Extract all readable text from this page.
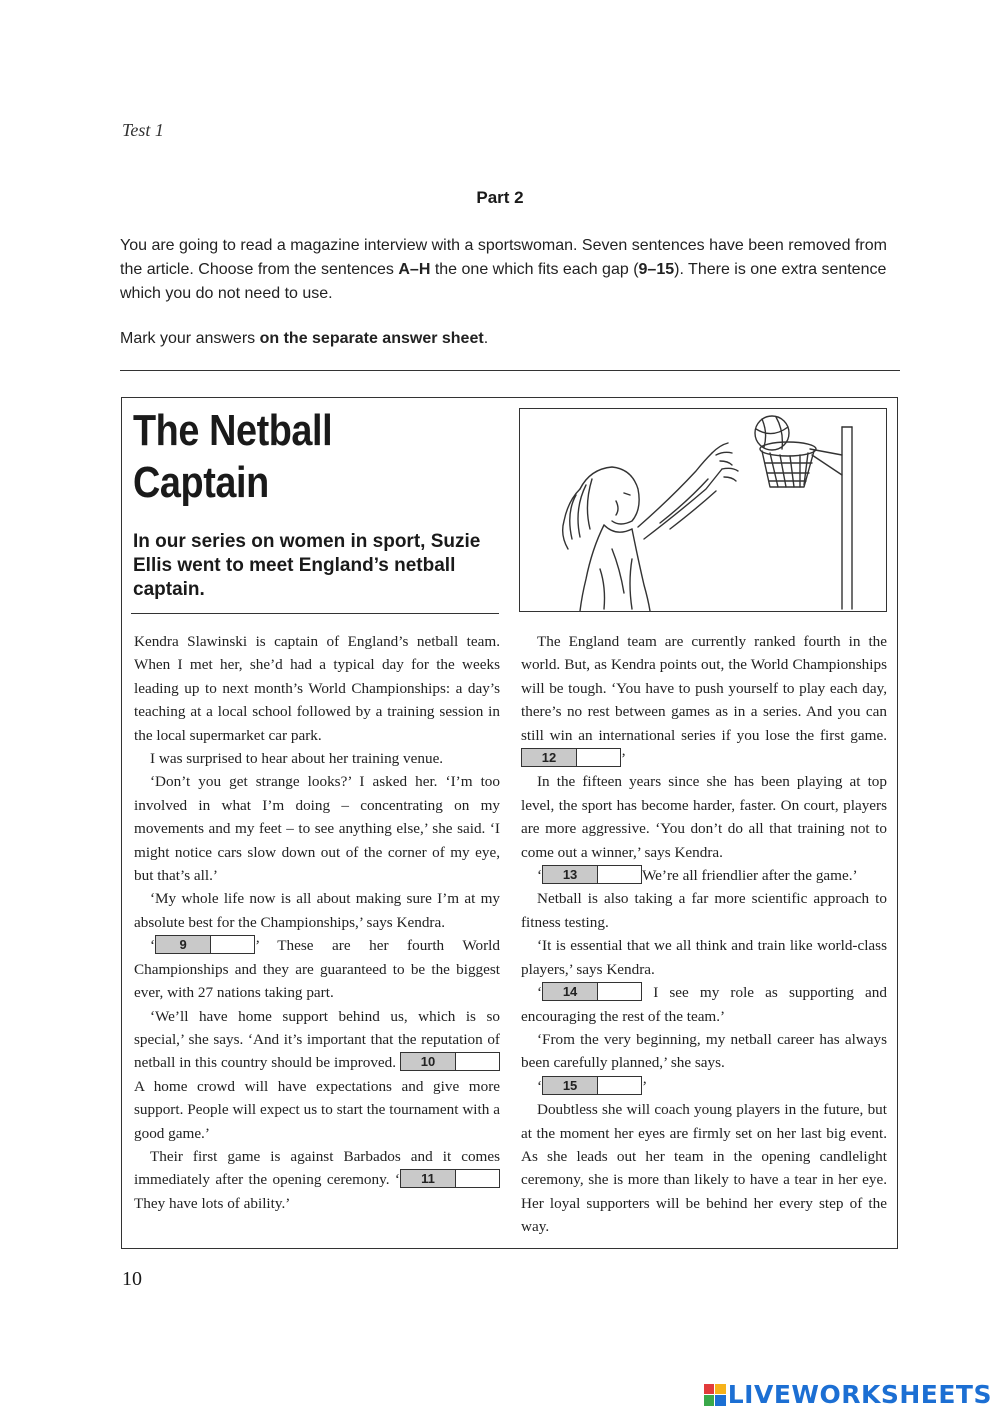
Test 1
Part 2

You are going to read a magazine interview with a sportswoman. Seven sentences have been removed from the article. Choose from the sentences A–H the one which fits each gap (9–15). There is one extra sentence which you do not need to use.

Mark your answers on the separate answer sheet.

The Netball
Captain
In our series on women in sport, Suzie Ellis went to meet England’s netball captain.

Kendra Slawinski is captain of England’s netball team. When I met her, she’d had a typical day for the weeks leading up to next month’s World Championships: a day’s teaching at a local school followed by a training session in the local supermarket car park.

I was surprised to hear about her training venue.

‘Don’t you get strange looks?’ I asked her. ‘I’m too involved in what I’m doing – concentrating on my movements and my feet – to see anything else,’ she said. ‘I might notice cars slow down out of the corner of my eye, but that’s all.’

‘My whole life now is all about making sure I’m at my absolute best for the Championships,’ says Kendra.

‘ 9	’ These are her fourth World Championships and they are guaranteed to be the biggest ever, with 27 nations taking part.

‘We’ll have home support behind us, which is so special,’ she says. ‘And it’s important that the reputation of netball in this country should be improved. 10 A home crowd will have expectations and give more support. People will expect us to start the tournament with a good game.’

Their first game is against Barbados and it comes immediately after the opening ceremony. ‘ 11 They have lots of ability.’

The England team are currently ranked fourth in the world. But, as Kendra points out, the World Championships will be tough. ‘You have to push yourself to play each day, there’s no rest between games as in a series. And you can still win an international series if you lose the first game. 12	’

In the fifteen years since she has been playing at top level, the sport has become harder, faster. On court, players are more aggressive. ‘You don’t do all that training not to come out a winner,’ says Kendra.

‘ 13	We’re all friendlier after the game.’

Netball is also taking a far more scientific approach to fitness testing.

‘It is essential that we all think and train like world-class players,’ says Kendra.

‘ 14	I see my role as supporting and encouraging the rest of the team.’

‘From the very beginning, my netball career has always been carefully planned,’ she says.

‘ 15	’

Doubtless she will coach young players in the future, but at the moment her eyes are firmly set on her last big event. As she leads out her team in the opening candlelight ceremony, she is more than likely to have a tear in her eye. Her loyal supporters will be behind her every step of the way.

10
LIVEWORKSHEETS
